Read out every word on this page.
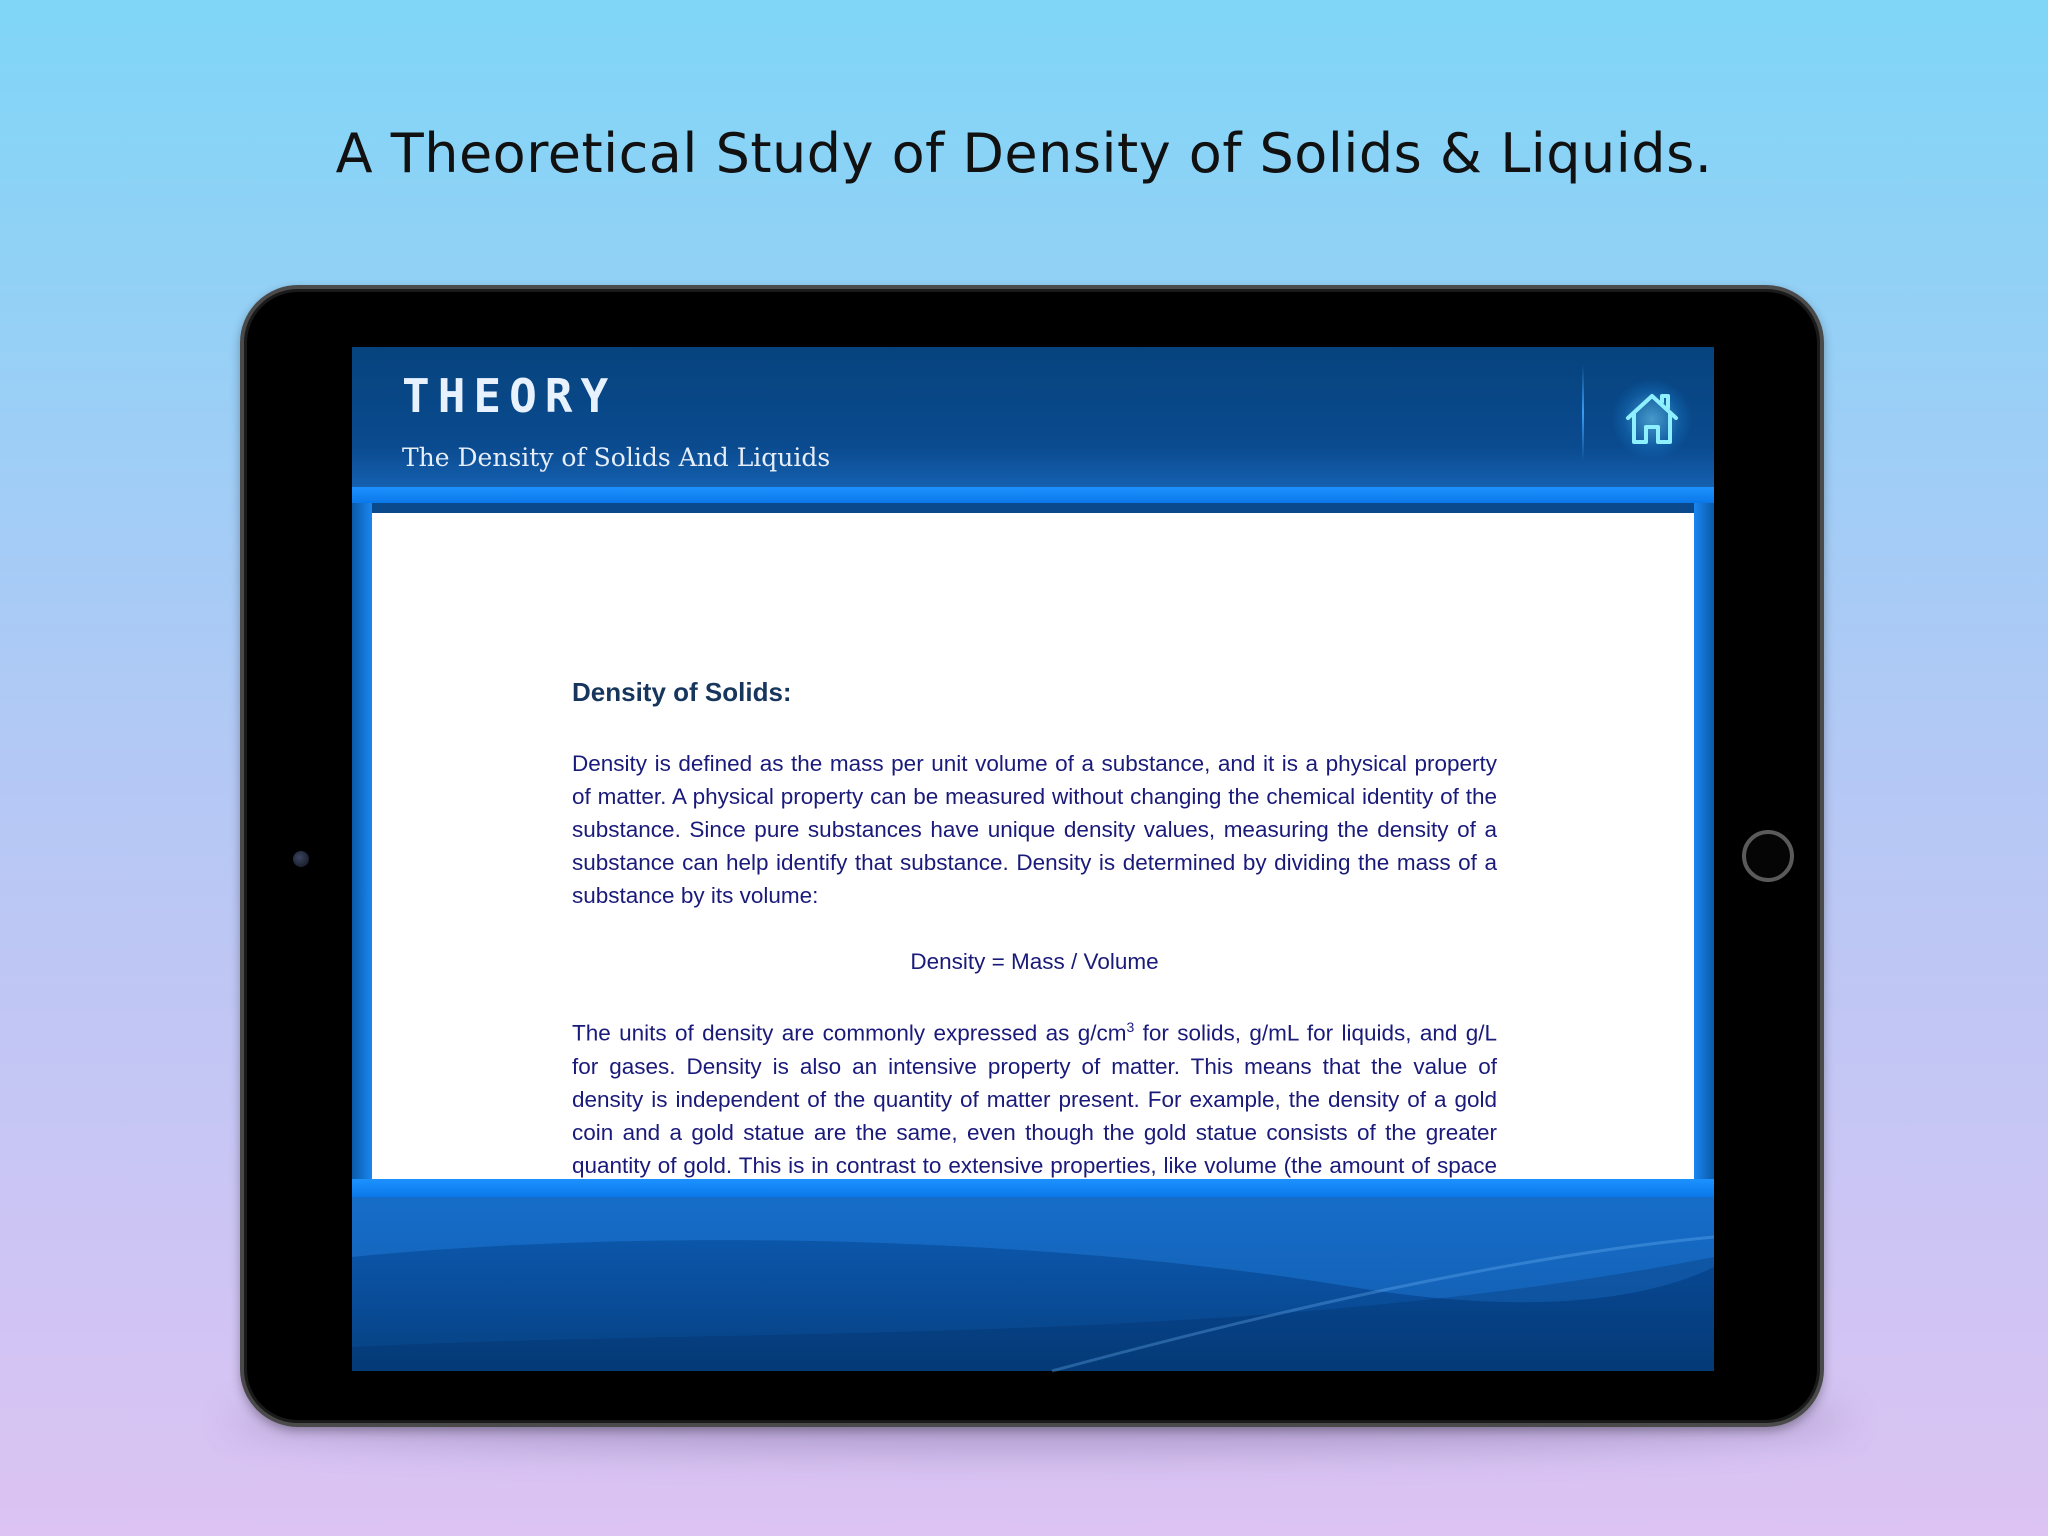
A Theoretical Study of Density of Solids & Liquids.
THEORY
The Density of Solids And Liquids
Density of Solids:
Density is defined as the mass per unit volume of a substance, and it is a physical property of matter. A physical property can be measured without changing the chemical identity of the substance. Since pure substances have unique density values, measuring the density of a substance can help identify that substance. Density is determined by dividing the mass of a substance by its volume:
Density = Mass / Volume
The units of density are commonly expressed as $g/cm^3$ for solids, g/mL for liquids, and g/L for gases. Density is also an intensive property of matter. This means that the value of density is independent of the quantity of matter present. For example, the density of a gold coin and a gold statue are the same, even though the gold statue consists of the greater quantity of gold. This is in contrast to extensive properties, like volume (the amount of space
